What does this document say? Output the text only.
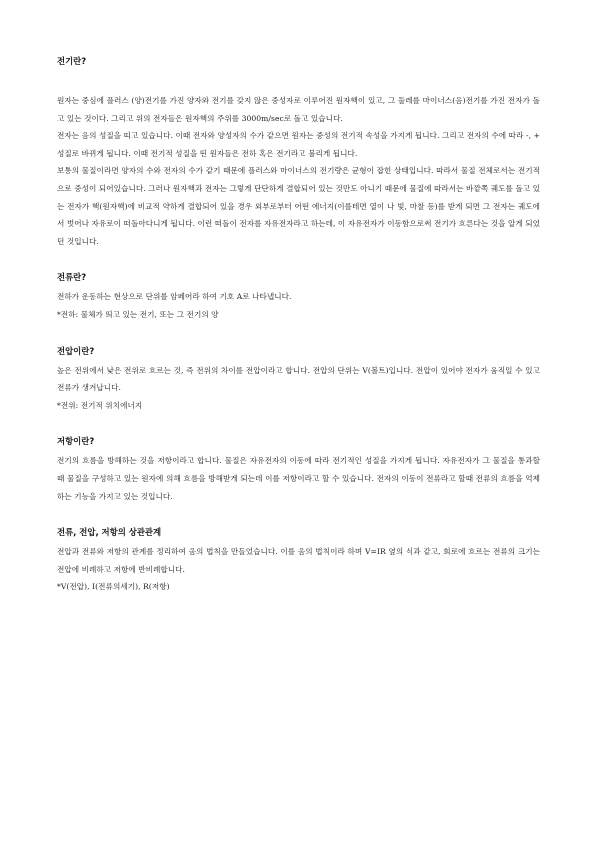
전기란?

원자는 중심에 플러스 (양)전기를 가진 양자와 전기를 갖지 않은 중성자로 이루어진 원자핵이 있고, 그 둘레를 마이너스(음)전기를 가진 전자가 돌고 있는 것이다. 그리고 위의 전자들은 원자핵의 주위를 3000m/sec로 돌고 있습니다.

전자는 음의 성질을 띠고 있습니다. 이때 전자와 양성자의 수가 같으면 원자는 중성의 전기적 속성을 가지게 됩니다. 그리고 전자의 수에 따라 -, + 성질로 바뀌게 됩니다. 이때 전기적 성질을 띤 원자들은 전하 혹은 전기라고 불리게 됩니다.

보통의 물질이라면 양자의 수와 전자의 수가 같기 때문에 플러스와 마이너스의 전기량은 균형이 잡힌 상태입니다. 따라서 물질 전체로서는 전기적으로 중성이 되어있습니다. 그러나 원자핵과 전자는 그렇게 단단하게 결합되어 있는 것만도 아니기 때문에 물질에 따라서는 바깥쪽 궤도를 돌고 있는 전자가 핵(원자핵)에 비교적 약하게 결합되어 있을 경우 외부로부터 어떤 에너지(이를테면 열이 나 빛, 마찰 등)를 받게 되면 그 전자는 궤도에서 벗어나 자유로이 떠돌아다니게 됩니다. 이런 떠돌이 전자를 자유전자라고 하는데, 이 자유전자가 이동함으로써 전기가 흐른다는 것을 알게 되었던 것입니다.

전류란?

전하가 운동하는 현상으로 단위를 암페어라 하여 기호 A로 나타냅니다.

*전하: 물체가 띄고 있는 전기, 또는 그 전기의 양

전압이란?

높은 전위에서 낮은 전위로 흐르는 것, 즉 전위의 차이를 전압이라고 합니다. 전압의 단위는 V(볼트)입니다. 전압이 있어야 전자가 움직일 수 있고 전류가 생겨납니다.

*전위: 전기적 위치에너지

저항이란?

전기의 흐름을 방해하는 것을 저항이라고 합니다. 물질은 자유전자의 이동에 따라 전기적인 성질을 가지게 됩니다. 자유전자가 그 물질을 통과할 때 물질을 구성하고 있는 원자에 의해 흐름을 방해받게 되는데 이를 저항이라고 할 수 있습니다. 전자의 이동이 전류라고 할때 전류의 흐름을 억제하는 기능을 가지고 있는 것입니다.

전류, 전압, 저항의 상관관계

전압과 전류와 저항의 관계를 정리하여 옴의 법칙을 만들었습니다. 이를 옴의 법칙이라 하며 V=IR 옆의 식과 같고, 회로에 흐르는 전류의 크기는 전압에 비례하고 저항에 반비례합니다.

*V(전압), I(전류의세기), R(저항)
